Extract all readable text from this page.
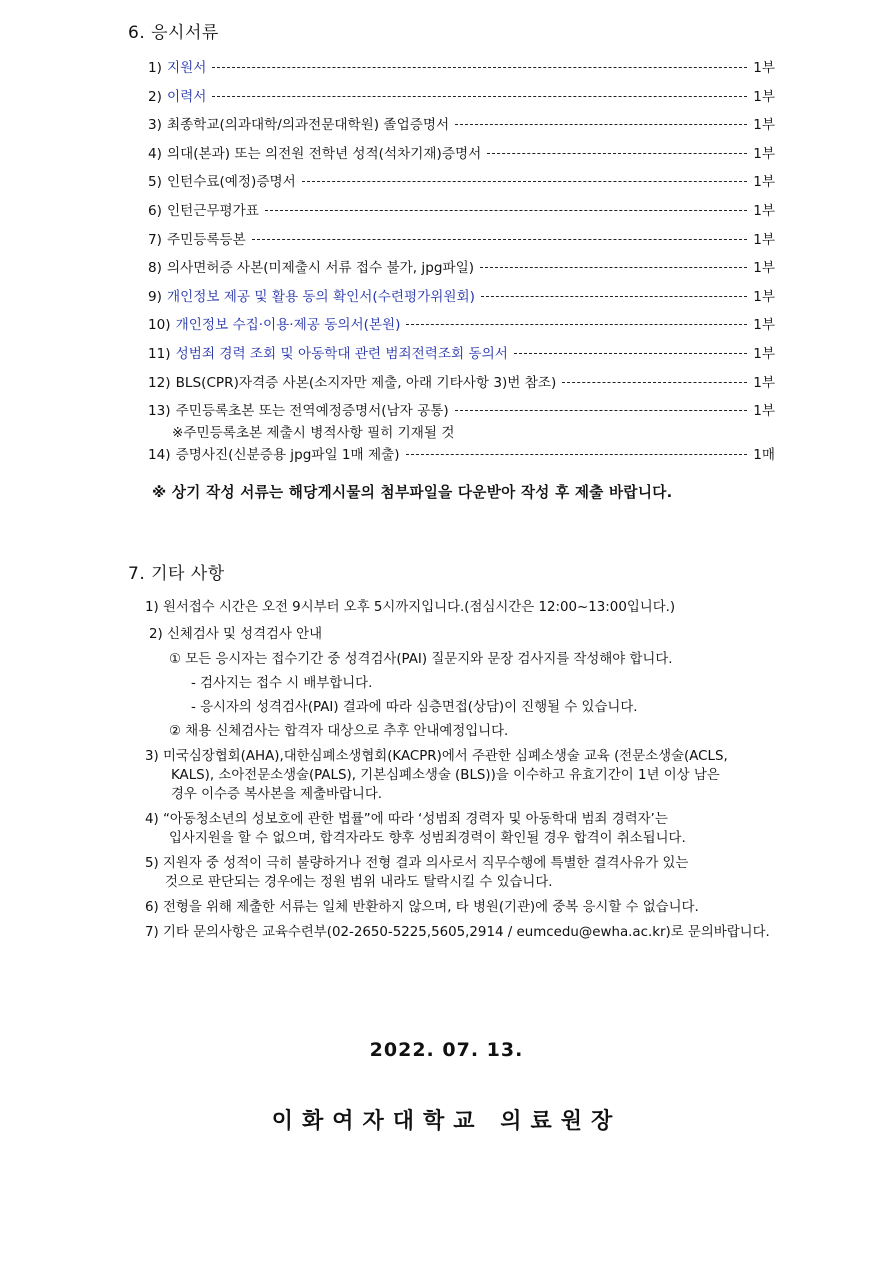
6. 응시서류
1) 지원서	1부
2) 이력서	1부
3) 최종학교(의과대학/의과전문대학원) 졸업증명서	1부
4) 의대(본과) 또는 의전원 전학년 성적(석차기재)증명서	1부
5) 인턴수료(예정)증명서	1부
6) 인턴근무평가표	1부
7) 주민등록등본	1부
8) 의사면허증 사본(미제출시 서류 접수 불가, jpg파일)	1부
9) 개인정보 제공 및 활용 동의 확인서(수련평가위원회)	1부
10) 개인정보 수집·이용·제공 동의서(본원)	1부
11) 성범죄 경력 조회 및 아동학대 관련 범죄전력조회 동의서	1부
12) BLS(CPR)자격증 사본(소지자만 제출, 아래 기타사항 3)번 참조)	1부
13) 주민등록초본 또는 전역예정증명서(남자 공통)	1부
※주민등록초본 제출시 병적사항 필히 기재될 것
14) 증명사진(신분증용 jpg파일 1매 제출)	1매
※ 상기 작성 서류는 해당게시물의 첨부파일을 다운받아 작성 후 제출 바랍니다.
7. 기타 사항

1) 원서접수 시간은 오전 9시부터 오후 5시까지입니다.(점심시간은 12:00~13:00입니다.)

2) 신체검사 및 성격검사 안내

① 모든 응시자는 접수기간 중 성격검사(PAI) 질문지와 문장 검사지를 작성해야 합니다.

- 검사지는 접수 시 배부합니다.

- 응시자의 성격검사(PAI) 결과에 따라 심층면접(상담)이 진행될 수 있습니다.

② 채용 신체검사는 합격자 대상으로 추후 안내예정입니다.

3) 미국심장협회(AHA),대한심폐소생협회(KACPR)에서 주관한 심폐소생술 교육 (전문소생술(ACLS,

KALS), 소아전문소생술(PALS), 기본심폐소생술 (BLS))을 이수하고 유효기간이 1년 이상 남은

경우 이수증 복사본을 제출바랍니다.

4) “아동청소년의 성보호에 관한 법률”에 따라 ‘성범죄 경력자 및 아동학대 범죄 경력자’는

입사지원을 할 수 없으며, 합격자라도 향후 성범죄경력이 확인될 경우 합격이 취소됩니다.

5) 지원자 중 성적이 극히 불량하거나 전형 결과 의사로서 직무수행에 특별한 결격사유가 있는

것으로 판단되는 경우에는 정원 범위 내라도 탈락시킬 수 있습니다.

6) 전형을 위해 제출한 서류는 일체 반환하지 않으며, 타 병원(기관)에 중복 응시할 수 없습니다.

7) 기타 문의사항은 교육수련부(02-2650-5225,5605,2914 / eumcedu@ewha.ac.kr)로 문의바랍니다.

2022. 07. 13.
이화여자대학교 의료원장
